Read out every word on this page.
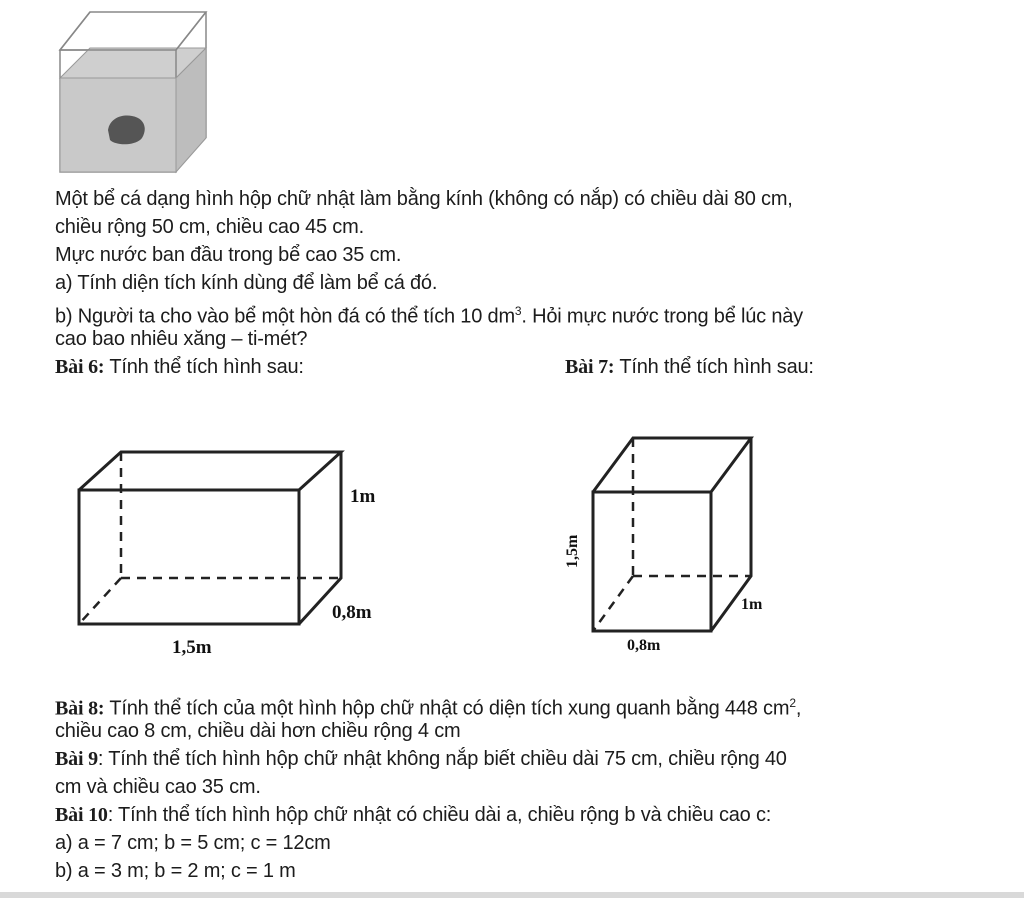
Một bể cá dạng hình hộp chữ nhật làm bằng kính (không có nắp) có chiều dài 80 cm,
chiều rộng 50 cm, chiều cao 45 cm.
Mực nước ban đầu trong bể cao 35 cm.
a) Tính diện tích kính dùng để làm bể cá đó.
b) Người ta cho vào bể một hòn đá có thể tích 10 $dm^3$. Hỏi mực nước trong bể lúc này
cao bao nhiêu xăng – ti-mét?
Bài 6: Tính thể tích hình sau:	Bài 7: Tính thể tích hình sau:
1m
0,8m
1,5m
1,5m
1m
0,8m
Bài 8: Tính thể tích của một hình hộp chữ nhật có diện tích xung quanh bằng 448 $cm^2$,
chiều cao 8 cm, chiều dài hơn chiều rộng 4 cm
Bài 9: Tính thể tích hình hộp chữ nhật không nắp biết chiều dài 75 cm, chiều rộng 40
cm và chiều cao 35 cm.
Bài 10: Tính thể tích hình hộp chữ nhật có chiều dài a, chiều rộng b và chiều cao c:
a) a = 7 cm; b = 5 cm; c = 12cm
b) a = 3 m; b = 2 m; c = 1 m
